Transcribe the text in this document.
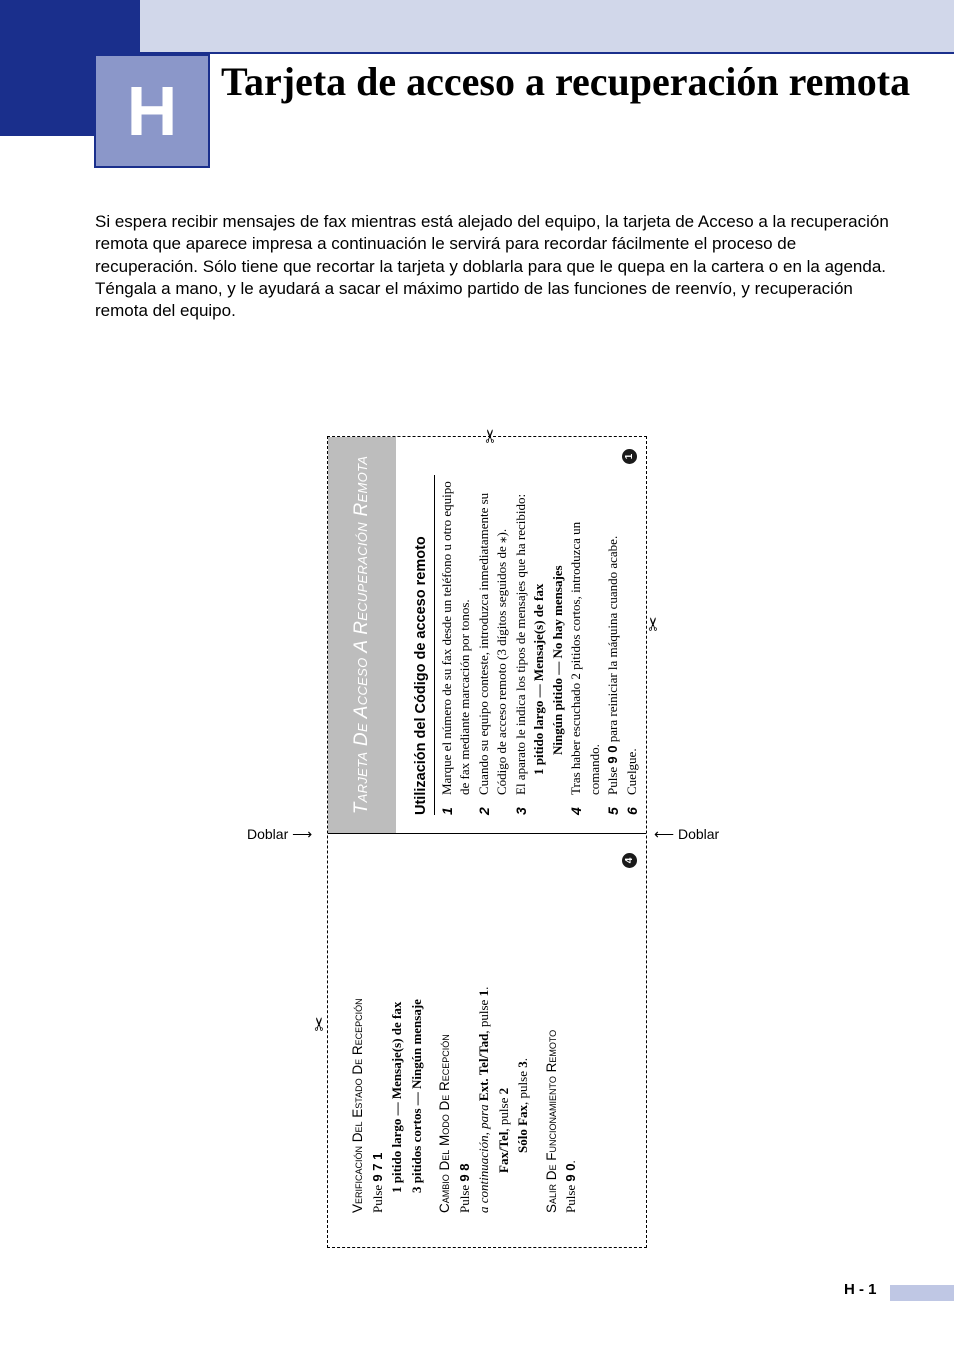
H Tarjeta de acceso a recuperación remota

Si espera recibir mensajes de fax mientras está alejado del equipo, la tarjeta de Acceso a la recuperación remota que aparece impresa a continuación le servirá para recordar fácilmente el proceso de recuperación. Sólo tiene que recortar la tarjeta y doblarla para que le quepa en la cartera o en la agenda. Téngala a mano, y le ayudará a sacar el máximo partido de las funciones de reenvío, y recuperación remota del equipo.

Doblar ⟶	⟵ Doblar
Tarjeta De Acceso A Recuperación Remota
✂
✂
✂
1
4
Utilización del Código de acceso remoto 1
Marque el número de su fax desde un teléfono u otro equipo de fax mediante marcación por tonos.
2
Cuando su equipo conteste, introduzca inmediatamente su Código de acceso remoto (3 dígitos seguidos de ⁎).
3
El aparato le indica los tipos de mensajes que ha recibido: 1 pitido largo — Mensaje(s) de fax Ningún pitido — No hay mensajes
4
Tras haber escuchado 2 pitidos cortos, introduzca un comando.
5
Pulse 9 0 para reiniciar la máquina cuando acabe.
6
Cuelgue.
Verificación Del Estado De Recepción Pulse 9 7 1 1 pitido largo — Mensaje(s) de fax 3 pitidos cortos — Ningún mensaje Cambio Del Modo De Recepción Pulse 9 8 a continuación, para Ext. Tel/Tad, pulse 1.
Fax/Tel, pulse 2
Sólo Fax, pulse 3. Salir De Funcionamiento Remoto Pulse 9 0.
H - 1
